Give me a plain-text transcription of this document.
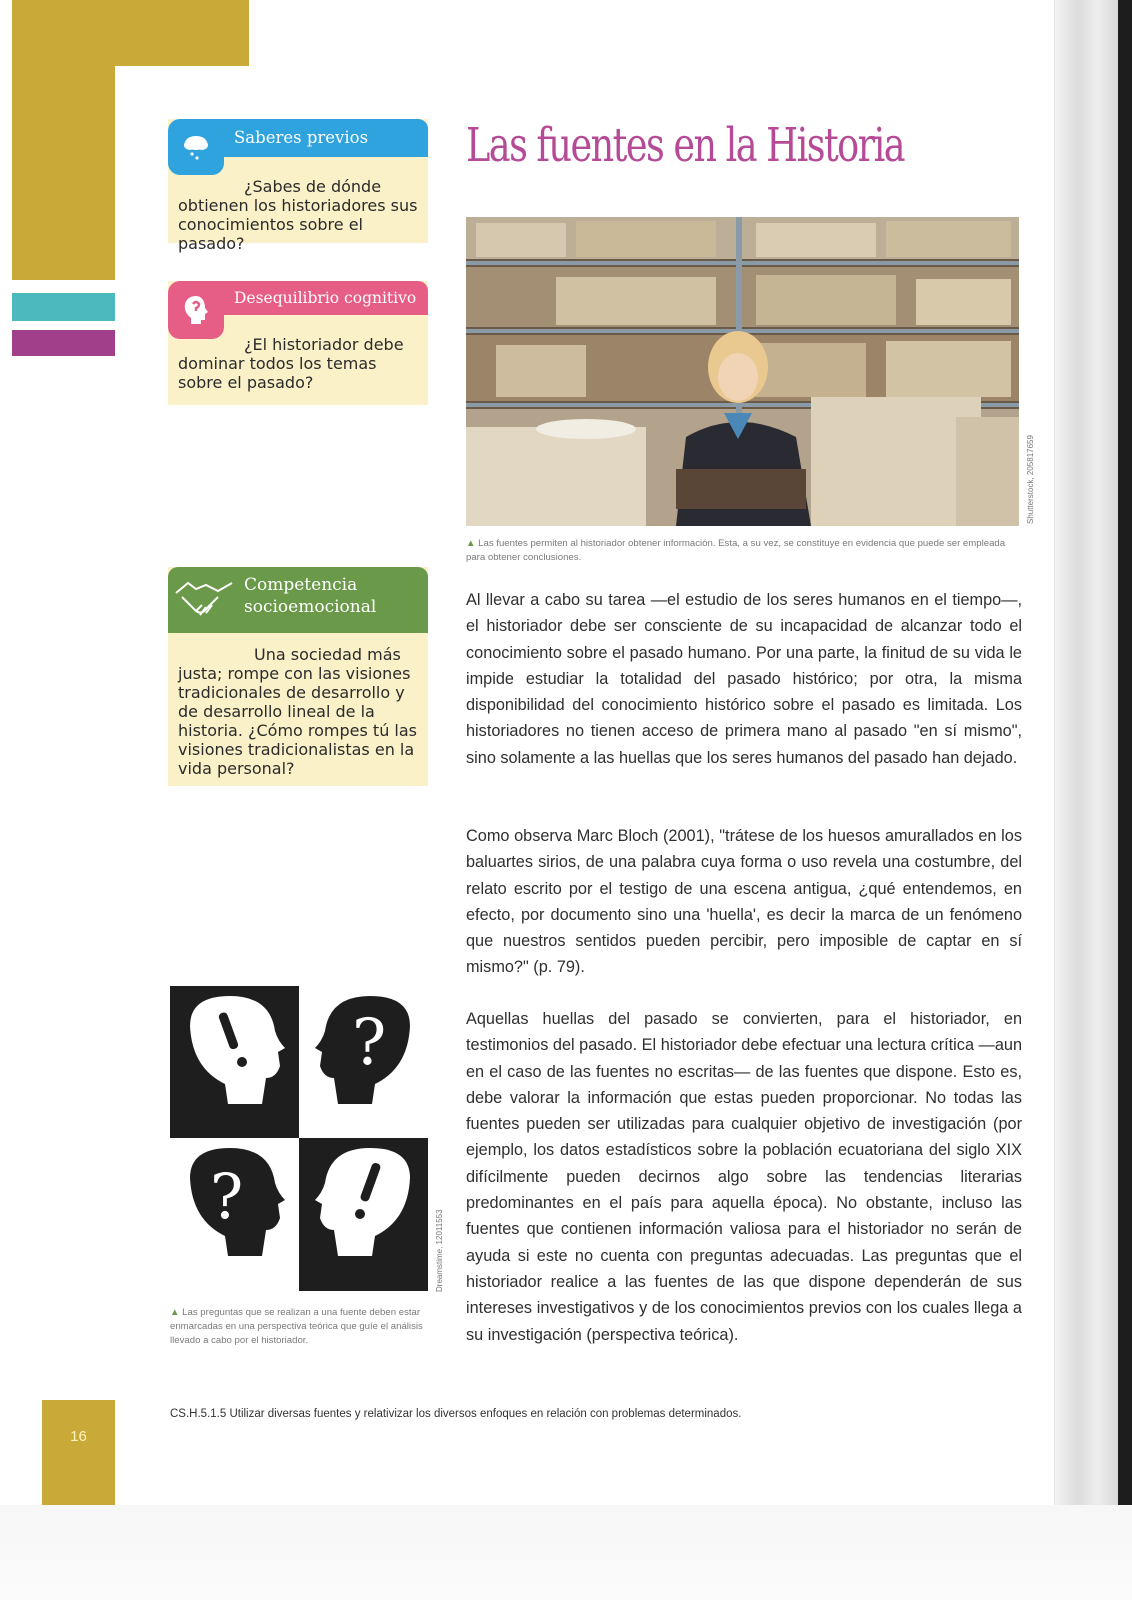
16
Saberes previos
¿Sabes de dónde obtienen los historiadores sus conocimientos sobre el pasado?
Desequilibrio cognitivo
¿El historiador debe dominar todos los temas sobre el pasado?
Competencia
socioemocional
Una sociedad más justa; rompe con las visiones tradicionales de desarrollo y de desarrollo lineal de la historia. ¿Cómo rompes tú las visiones tradicionalistas en la vida personal?
Las fuentes en la Historia
Shutterstock, 205817659
▲ Las fuentes permiten al historiador obtener información. Esta, a su vez, se constituye en evidencia que puede ser empleada para obtener conclusiones.
Al llevar a cabo su tarea —el estudio de los seres humanos en el tiempo—, el historiador debe ser consciente de su incapacidad de alcanzar todo el conocimiento sobre el pasado humano. Por una parte, la finitud de su vida le impide estudiar la totalidad del pasado histórico; por otra, la misma disponibilidad del conocimiento histórico sobre el pasado es limitada. Los historiadores no tienen acceso de primera mano al pasado "en sí mismo", sino solamente a las huellas que los seres humanos del pasado han dejado.
Como observa Marc Bloch (2001), "trátese de los huesos amurallados en los baluartes sirios, de una palabra cuya forma o uso revela una costumbre, del relato escrito por el testigo de una escena antigua, ¿qué entendemos, en efecto, por documento sino una 'huella', es decir la marca de un fenómeno que nuestros sentidos pueden percibir, pero imposible de captar en sí mismo?" (p. 79).
Aquellas huellas del pasado se convierten, para el historiador, en testimonios del pasado. El historiador debe efectuar una lectura crítica —aun en el caso de las fuentes no escritas— de las fuentes que dispone. Esto es, debe valorar la información que estas pueden proporcionar. No todas las fuentes pueden ser utilizadas para cualquier objetivo de investigación (por ejemplo, los datos estadísticos sobre la población ecuatoriana del siglo XIX difícilmente pueden decirnos algo sobre las tendencias literarias predominantes en el país para aquella época). No obstante, incluso las fuentes que contienen información valiosa para el historiador no serán de ayuda si este no cuenta con preguntas adecuadas. Las preguntas que el historiador realice a las fuentes de las que dispone dependerán de sus intereses investigativos y de los conocimientos previos con los cuales llega a su investigación (perspectiva teórica).
?
?
Dreamstime, 12011553
▲ Las preguntas que se realizan a una fuente deben estar enmarcadas en una perspectiva teórica que guíe el análisis llevado a cabo por el historiador.
CS.H.5.1.5 Utilizar diversas fuentes y relativizar los diversos enfoques en relación con problemas determinados.
